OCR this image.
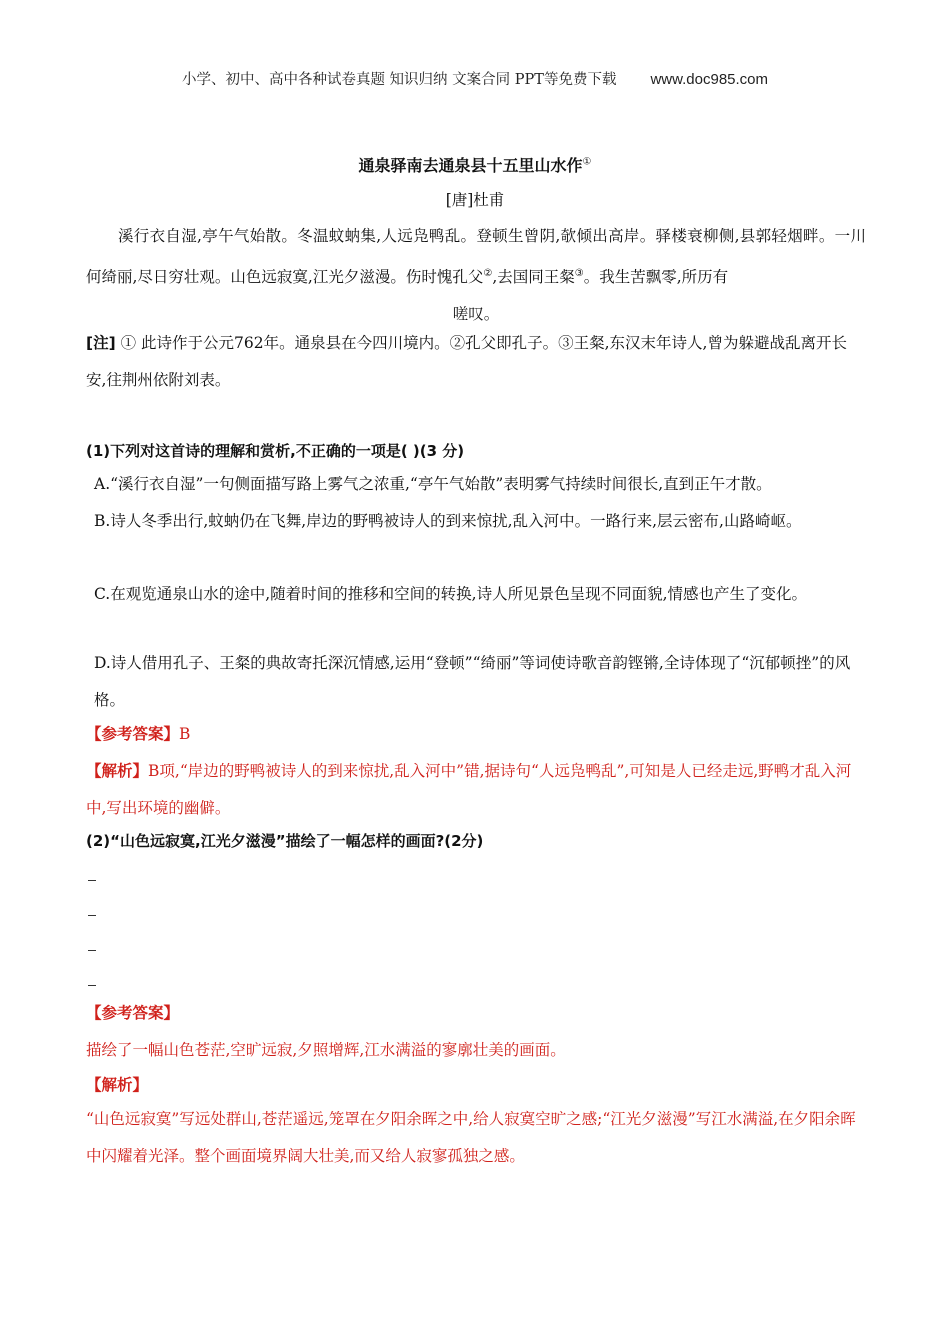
小学、初中、高中各种试卷真题 知识归纳 文案合同 PPT等免费下载 www.doc985.com
通泉驿南去通泉县十五里山水作①
[唐]杜甫
溪行衣自湿,亭午气始散。冬温蚊蚋集,人远凫鸭乱。登顿生曾阴,欹倾出高岸。驿楼衰柳侧,县郭轻烟畔。一川何绮丽,尽日穷壮观。山色远寂寞,江光夕滋漫。伤时愧孔父②,去国同王粲③。我生苦飘零,所历有
嗟叹。
[注] ① 此诗作于公元762年。通泉县在今四川境内。②孔父即孔子。③王粲,东汉末年诗人,曾为躲避战乱离开长安,往荆州依附刘表。
(1)下列对这首诗的理解和赏析,不正确的一项是( )(3 分)
A.“溪行衣自湿”一句侧面描写路上雾气之浓重,“亭午气始散”表明雾气持续时间很长,直到正午才散。
B.诗人冬季出行,蚊蚋仍在飞舞,岸边的野鸭被诗人的到来惊扰,乱入河中。一路行来,层云密布,山路崎岖。
C.在观览通泉山水的途中,随着时间的推移和空间的转换,诗人所见景色呈现不同面貌,情感也产生了变化。
D.诗人借用孔子、王粲的典故寄托深沉情感,运用“登顿”“绮丽”等词使诗歌音韵铿锵,全诗体现了“沉郁顿挫”的风格。
【参考答案】B
【解析】B项,“岸边的野鸭被诗人的到来惊扰,乱入河中”错,据诗句“人远凫鸭乱”,可知是人已经走远,野鸭才乱入河中,写出环境的幽僻。
(2)“山色远寂寞,江光夕滋漫”描绘了一幅怎样的画面?(2分)
【参考答案】
描绘了一幅山色苍茫,空旷远寂,夕照增辉,江水满溢的寥廓壮美的画面。
【解析】
“山色远寂寞”写远处群山,苍茫遥远,笼罩在夕阳余晖之中,给人寂寞空旷之感;“江光夕滋漫”写江水满溢,在夕阳余晖中闪耀着光泽。整个画面境界阔大壮美,而又给人寂寥孤独之感。
